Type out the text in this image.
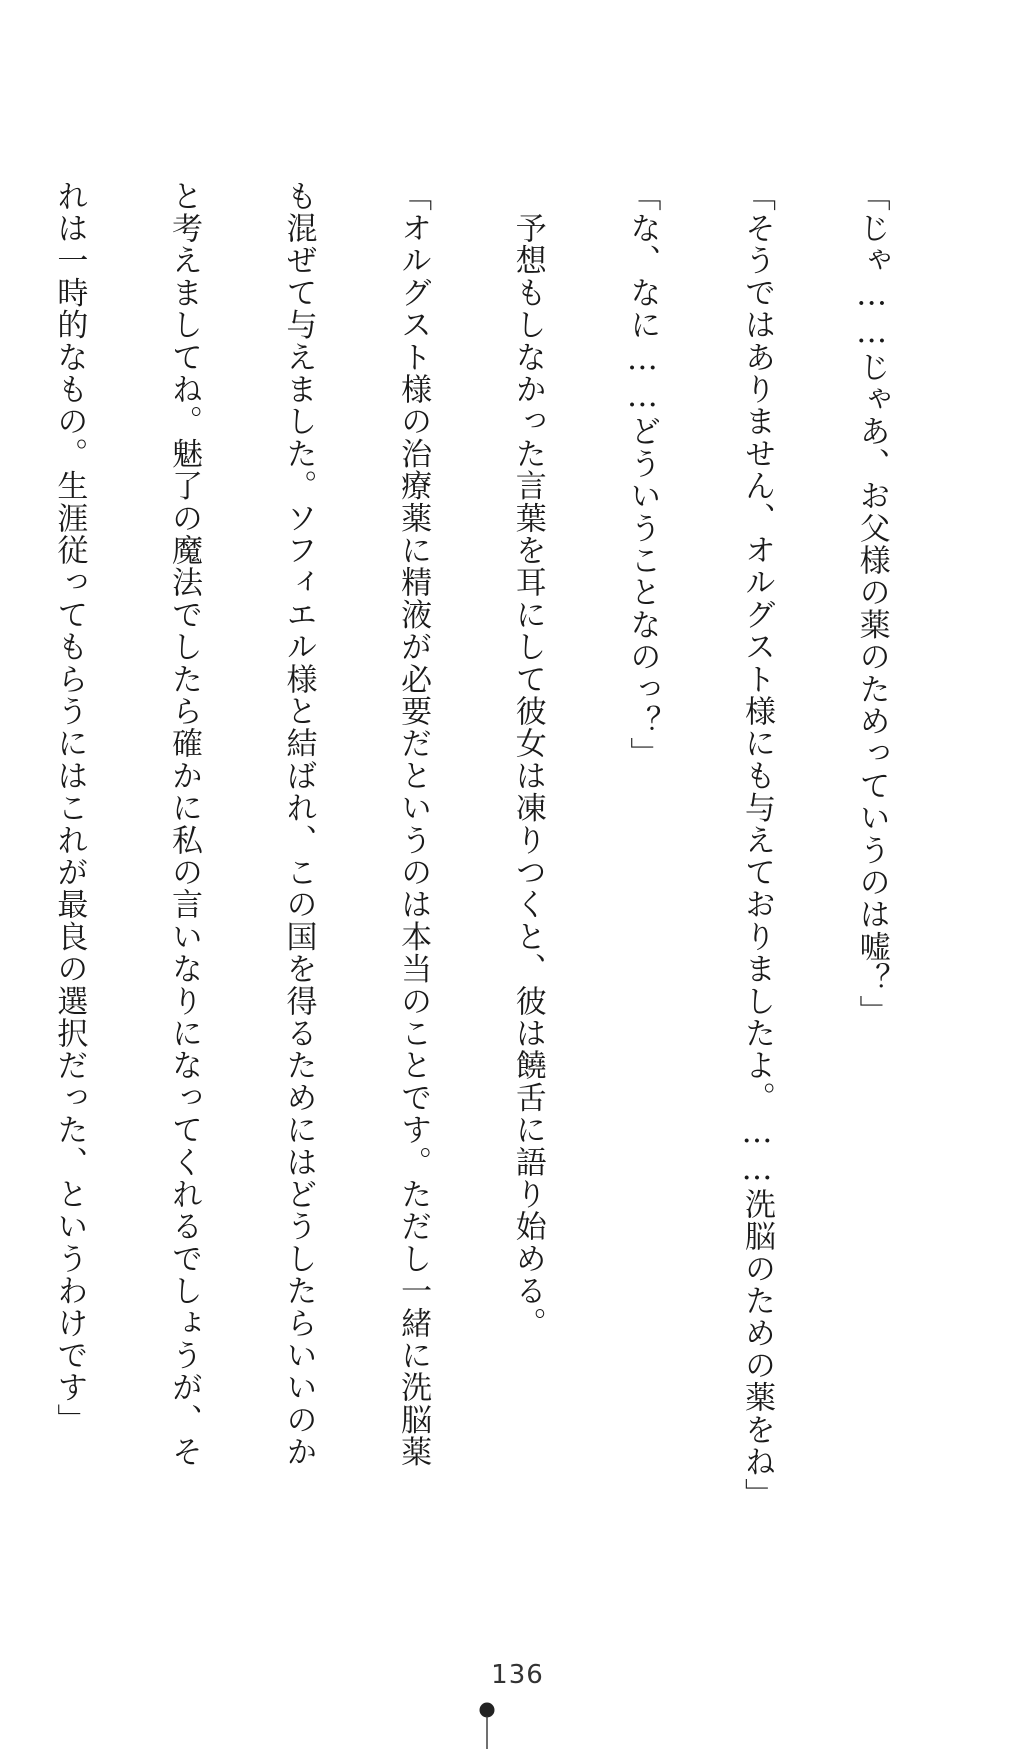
「じゃ……じゃあ、お父様の薬のためっていうのは嘘？」

「そうではありません、オルグスト様にも与えておりましたよ。……洗脳のための薬をね」

「な、なに……どういうことなのっ？」

　予想もしなかった言葉を耳にして彼女は凍りつくと、彼は饒舌に語り始める。

「オルグスト様の治療薬に精液が必要だというのは本当のことです。ただし一緒に洗脳薬

も混ぜて与えました。ソフィエル様と結ばれ、この国を得るためにはどうしたらいいのか

と考えましてね。魅了の魔法でしたら確かに私の言いなりになってくれるでしょうが、そ

れは一時的なもの。生涯従ってもらうにはこれが最良の選択だった、というわけです」

136
